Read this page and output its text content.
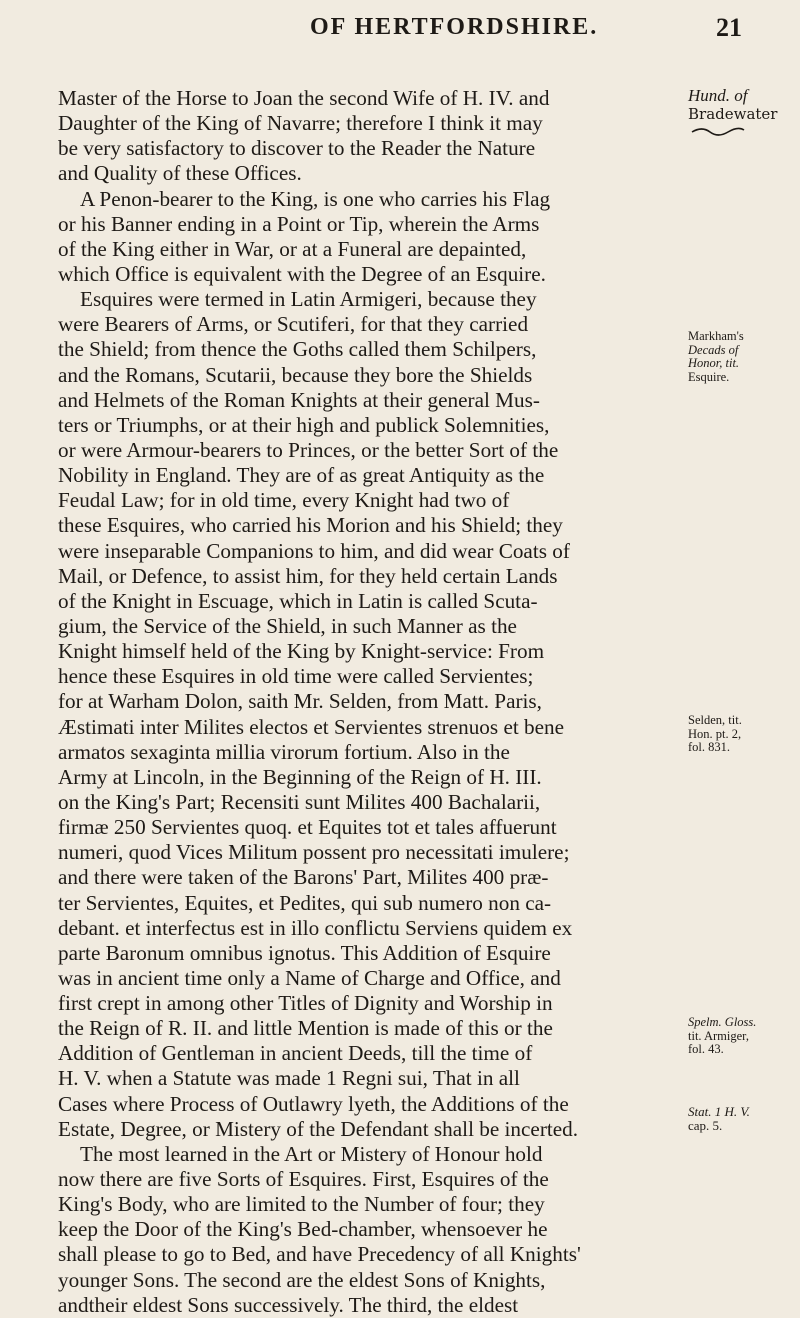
OF HERTFORDSHIRE.	21
Master of the Horse to Joan the second Wife of H. IV. and
Daughter of the King of Navarre; therefore I think it may
be very satisfactory to discover to the Reader the Nature
and Quality of these Offices.
A Penon-bearer to the King, is one who carries his Flag
or his Banner ending in a Point or Tip, wherein the Arms
of the King either in War, or at a Funeral are depainted,
which Office is equivalent with the Degree of an Esquire.
Esquires were termed in Latin Armigeri, because they
were Bearers of Arms, or Scutiferi, for that they carried
the Shield; from thence the Goths called them Schilpers,
and the Romans, Scutarii, because they bore the Shields
and Helmets of the Roman Knights at their general Mus-
ters or Triumphs, or at their high and publick Solemnities,
or were Armour-bearers to Princes, or the better Sort of the
Nobility in England. They are of as great Antiquity as the
Feudal Law; for in old time, every Knight had two of
these Esquires, who carried his Morion and his Shield; they
were inseparable Companions to him, and did wear Coats of
Mail, or Defence, to assist him, for they held certain Lands
of the Knight in Escuage, which in Latin is called Scuta-
gium, the Service of the Shield, in such Manner as the
Knight himself held of the King by Knight-service: From
hence these Esquires in old time were called Servientes;
for at Warham Dolon, saith Mr. Selden, from Matt. Paris,
Æstimati inter Milites electos et Servientes strenuos et bene
armatos sexaginta millia virorum fortium. Also in the
Army at Lincoln, in the Beginning of the Reign of H. III.
on the King's Part; Recensiti sunt Milites 400 Bachalarii,
firmæ 250 Servientes quoq. et Equites tot et tales affuerunt
numeri, quod Vices Militum possent pro necessitati imulere;
and there were taken of the Barons' Part, Milites 400 præ-
ter Servientes, Equites, et Pedites, qui sub numero non ca-
debant. et interfectus est in illo conflictu Serviens quidem ex
parte Baronum omnibus ignotus. This Addition of Esquire
was in ancient time only a Name of Charge and Office, and
first crept in among other Titles of Dignity and Worship in
the Reign of R. II. and little Mention is made of this or the
Addition of Gentleman in ancient Deeds, till the time of
H. V. when a Statute was made 1 Regni sui, That in all
Cases where Process of Outlawry lyeth, the Additions of the
Estate, Degree, or Mistery of the Defendant shall be incerted.
The most learned in the Art or Mistery of Honour hold
now there are five Sorts of Esquires. First, Esquires of the
King's Body, who are limited to the Number of four; they
keep the Door of the King's Bed-chamber, whensoever he
shall please to go to Bed, and have Precedency of all Knights'
younger Sons. The second are the eldest Sons of Knights,
andtheir eldest Sons successively. The third, the eldest
Hund. of
Bradewater
Markham's
Decads of
Honor, tit.
Esquire.
Selden, tit.
Hon. pt. 2,
fol. 831.
Spelm. Gloss.
tit. Armiger,
fol. 43.
Stat. 1 H. V.
cap. 5.
